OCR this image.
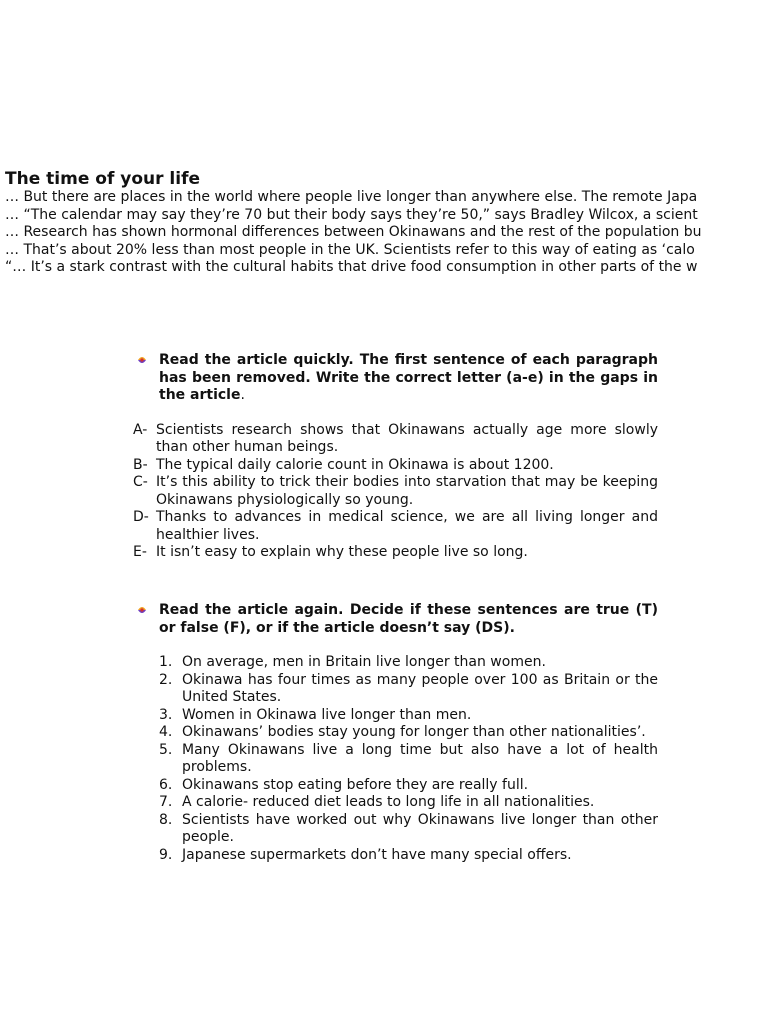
The time of your life
… But there are places in the world where people live longer than anywhere else. The remote Japa
… “The calendar may say they’re 70 but their body says they’re 50,” says Bradley Wilcox, a scient
… Research has shown hormonal differences between Okinawans and the rest of the population bu
… That’s about 20% less than most people in the UK. Scientists refer to this way of eating as ‘calo
“… It’s a stark contrast with the cultural habits that drive food consumption in other parts of the w
Read the article quickly. The first sentence of each paragraph has been removed. Write the correct letter (a-e) in the gaps in the article.
A- Scientists research shows that Okinawans actually age more slowly than other human beings.
B- The typical daily calorie count in Okinawa is about 1200.
C- It’s this ability to trick their bodies into starvation that may be keeping Okinawans physiologically so young.
D- Thanks to advances in medical science, we are all living longer and healthier lives.
E- It isn’t easy to explain why these people live so long.
Read the article again. Decide if these sentences are true (T) or false (F), or if the article doesn’t say (DS).
1. On average, men in Britain live longer than women.
2. Okinawa has four times as many people over 100 as Britain or the United States.
3. Women in Okinawa live longer than men.
4. Okinawans’ bodies stay young for longer than other nationalities’.
5. Many Okinawans live a long time but also have a lot of health problems.
6. Okinawans stop eating before they are really full.
7. A calorie- reduced diet leads to long life in all nationalities.
8. Scientists have worked out why Okinawans live longer than other people.
9. Japanese supermarkets don’t have many special offers.
